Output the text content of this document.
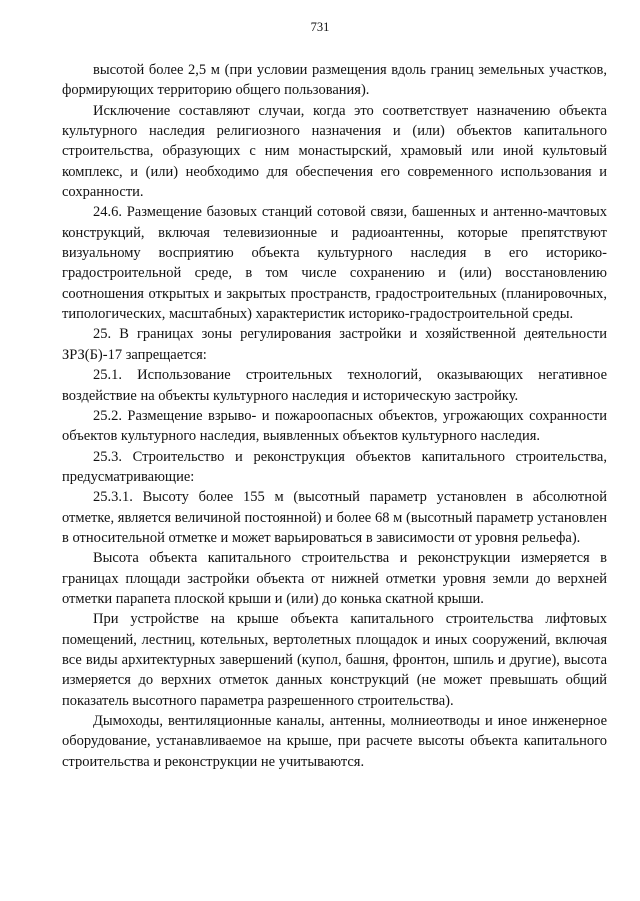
731

высотой более 2,5 м (при условии размещения вдоль границ земельных участков, формирующих территорию общего пользования).

Исключение составляют случаи, когда это соответствует назначению объекта культурного наследия религиозного назначения и (или) объектов капитального строительства, образующих с ним монастырский, храмовый или иной культовый комплекс, и (или) необходимо для обеспечения его современного использования и сохранности.

24.6. Размещение базовых станций сотовой связи, башенных и антенно-мачтовых конструкций, включая телевизионные и радиоантенны, которые препятствуют визуальному восприятию объекта культурного наследия в его историко-градостроительной среде, в том числе сохранению и (или) восстановлению соотношения открытых и закрытых пространств, градостроительных (планировочных, типологических, масштабных) характеристик историко-градостроительной среды.

25. В границах зоны регулирования застройки и хозяйственной деятельности ЗРЗ(Б)-17 запрещается:

25.1. Использование строительных технологий, оказывающих негативное воздействие на объекты культурного наследия и историческую застройку.

25.2. Размещение взрыво- и пожароопасных объектов, угрожающих сохранности объектов культурного наследия, выявленных объектов культурного наследия.

25.3. Строительство и реконструкция объектов капитального строительства, предусматривающие:

25.3.1. Высоту более 155 м (высотный параметр установлен в абсолютной отметке, является величиной постоянной) и более 68 м (высотный параметр установлен в относительной отметке и может варьироваться в зависимости от уровня рельефа).

Высота объекта капитального строительства и реконструкции измеряется в границах площади застройки объекта от нижней отметки уровня земли до верхней отметки парапета плоской крыши и (или) до конька скатной крыши.

При устройстве на крыше объекта капитального строительства лифтовых помещений, лестниц, котельных, вертолетных площадок и иных сооружений, включая все виды архитектурных завершений (купол, башня, фронтон, шпиль и другие), высота измеряется до верхних отметок данных конструкций (не может превышать общий показатель высотного параметра разрешенного строительства).

Дымоходы, вентиляционные каналы, антенны, молниеотводы и иное инженерное оборудование, устанавливаемое на крыше, при расчете высоты объекта капитального строительства и реконструкции не учитываются.
